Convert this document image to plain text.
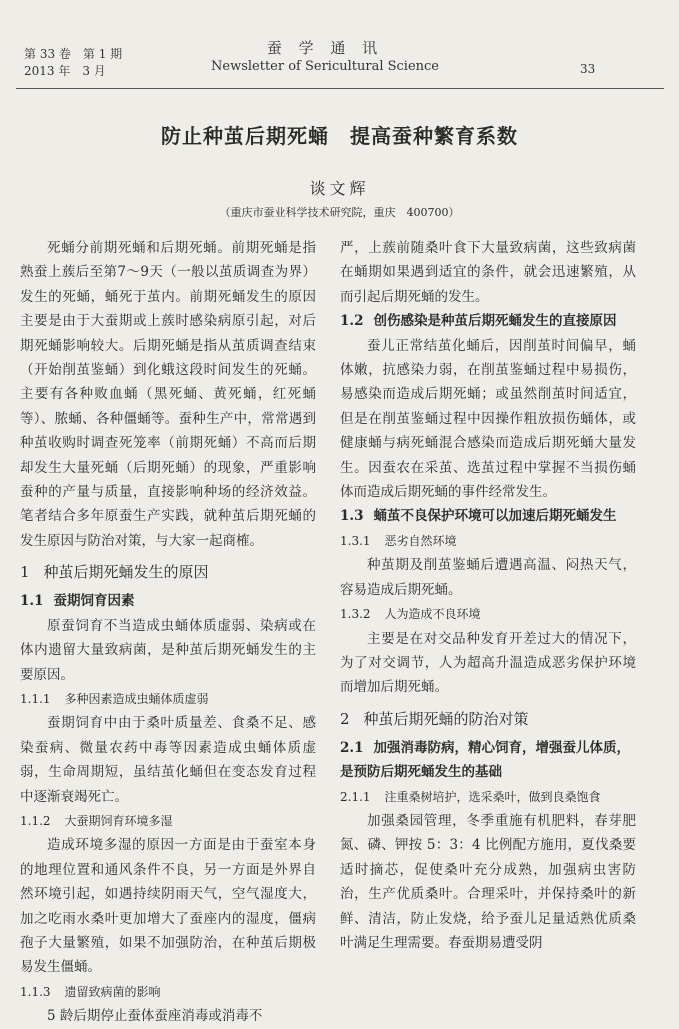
第 33 卷　第 1 期
2013 年　3 月
蚕 学 通 讯
Newsletter of Sericultural Science	33
防止种茧后期死蛹　提高蚕种繁育系数
谈文辉
（重庆市蚕业科学技术研究院，重庆　400700）

死蛹分前期死蛹和后期死蛹。前期死蛹是指熟蚕上蔟后至第7～9天（一般以茧质调查为界）发生的死蛹，蛹死于茧内。前期死蛹发生的原因主要是由于大蚕期或上蔟时感染病原引起，对后期死蛹影响较大。后期死蛹是指从茧质调查结束（开始削茧鉴蛹）到化蛾这段时间发生的死蛹。主要有各种败血蛹（黑死蛹、黄死蛹，红死蛹等）、脓蛹、各种僵蛹等。蚕种生产中，常常遇到种茧收购时调查死笼率（前期死蛹）不高而后期却发生大量死蛹（后期死蛹）的现象，严重影响蚕种的产量与质量，直接影响种场的经济效益。笔者结合多年原蚕生产实践，就种茧后期死蛹的发生原因与防治对策，与大家一起商榷。

1 种茧后期死蛹发生的原因
1.1 蚕期饲育因素

原蚕饲育不当造成虫蛹体质虚弱、染病或在体内遗留大量致病菌，是种茧后期死蛹发生的主要原因。

1.1.1 多种因素造成虫蛹体质虚弱

蚕期饲育中由于桑叶质量差、食桑不足、感染蚕病、微量农药中毒等因素造成虫蛹体质虚弱，生命周期短，虽结茧化蛹但在变态发育过程中逐渐衰竭死亡。

1.1.2 大蚕期饲育环境多湿

造成环境多湿的原因一方面是由于蚕室本身的地理位置和通风条件不良，另一方面是外界自然环境引起，如遇持续阴雨天气，空气湿度大，加之吃雨水桑叶更加增大了蚕座内的湿度，僵病孢子大量繁殖，如果不加强防治，在种茧后期极易发生僵蛹。

1.1.3 遗留致病菌的影响

5 龄后期停止蚕体蚕座消毒或消毒不

严，上蔟前随桑叶食下大量致病菌，这些致病菌在蛹期如果遇到适宜的条件，就会迅速繁殖，从而引起后期死蛹的发生。

1.2 创伤感染是种茧后期死蛹发生的直接原因

蚕儿正常结茧化蛹后，因削茧时间偏早，蛹体嫩，抗感染力弱，在削茧鉴蛹过程中易损伤，易感染而造成后期死蛹；或虽然削茧时间适宜，但是在削茧鉴蛹过程中因操作粗放损伤蛹体，或健康蛹与病死蛹混合感染而造成后期死蛹大量发生。因蚕农在采茧、选茧过程中掌握不当损伤蛹体而造成后期死蛹的事件经常发生。

1.3 蛹茧不良保护环境可以加速后期死蛹发生
1.3.1 恶劣自然环境

种茧期及削茧鉴蛹后遭遇高温、闷热天气，容易造成后期死蛹。

1.3.2 人为造成不良环境

主要是在对交品种发育开差过大的情况下，为了对交调节，人为超高升温造成恶劣保护环境而增加后期死蛹。

2 种茧后期死蛹的防治对策
2.1 加强消毒防病，精心饲育，增强蚕儿体质，是预防后期死蛹发生的基础
2.1.1 注重桑树培护，选采桑叶，做到良桑饱食

加强桑园管理，冬季重施有机肥料，春芽肥氮、磷、钾按 5：3：4 比例配方施用，夏伐桑要适时摘芯，促使桑叶充分成熟，加强病虫害防治，生产优质桑叶。合理采叶，并保持桑叶的新鲜、清洁，防止发烧，给予蚕儿足量适熟优质桑叶满足生理需要。春蚕期易遭受阴
